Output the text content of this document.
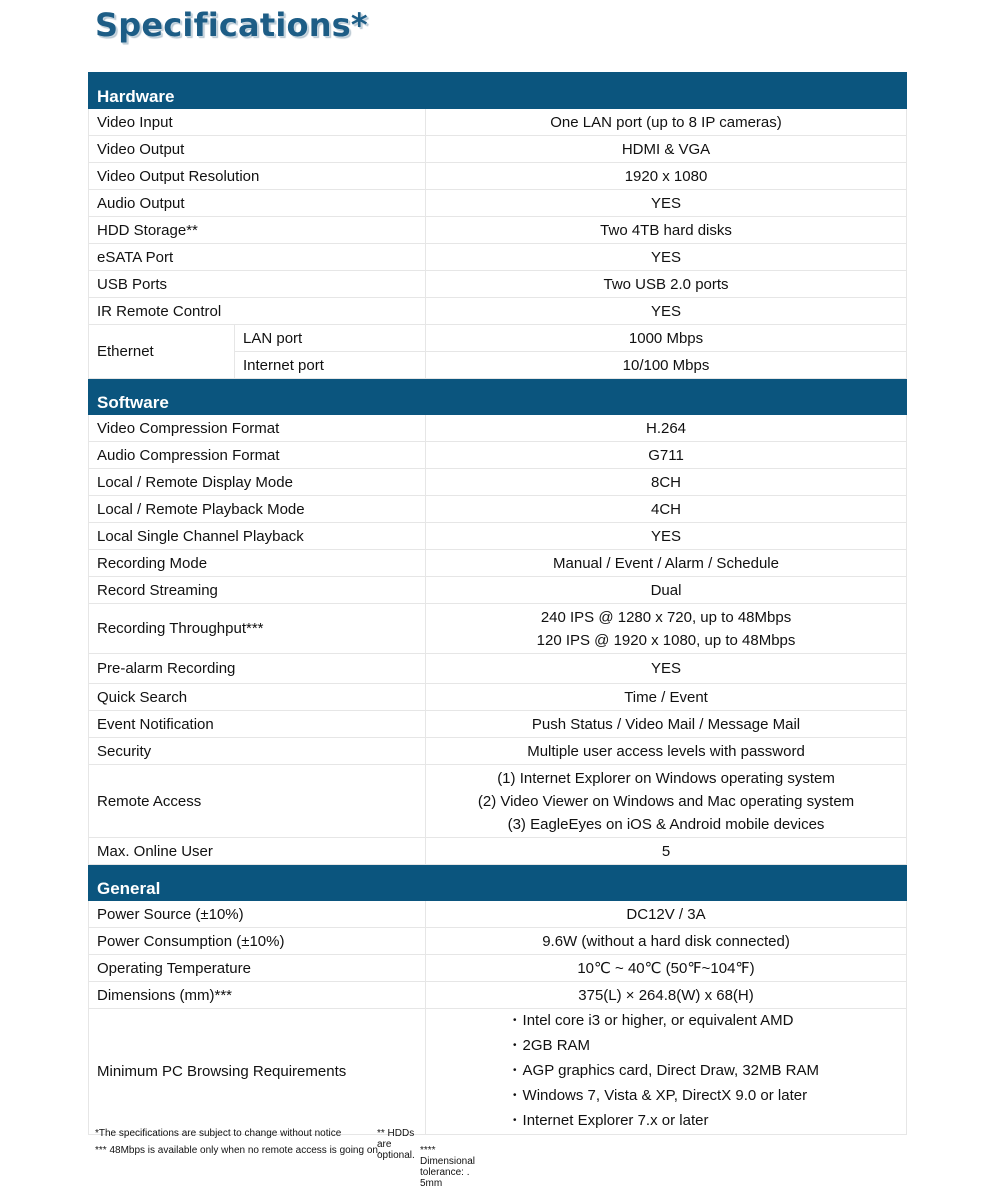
Specifications*
Hardware		
Video Input		One LAN port (up to 8 IP cameras)
Video Output		HDMI & VGA
Video Output Resolution		1920 x 1080
Audio Output		YES
HDD Storage**		Two 4TB hard disks
eSATA Port		YES
USB Ports		Two USB 2.0 ports
IR Remote Control		YES
Ethernet	LAN port	1000 Mbps
	Internet port	10/100 Mbps
Software		
Video Compression Format		H.264
Audio Compression Format		G711
Local / Remote Display Mode		8CH
Local / Remote Playback Mode		4CH
Local Single Channel Playback		YES
Recording Mode		Manual / Event / Alarm / Schedule
Record Streaming		Dual
Recording Throughput***		240 IPS @ 1280 x 720, up to 48Mbps
120 IPS @ 1920 x 1080, up to 48Mbps

Pre-alarm Recording		YES
Quick Search		Time / Event
Event Notification		Push Status / Video Mail / Message Mail
Security		Multiple user access levels with password
Remote Access		(1) Internet Explorer on Windows operating system
(2) Video Viewer on Windows and Mac operating system
(3) EagleEyes on iOS & Android mobile devices

Max. Online User		5
General		
Power Source (±10%)		DC12V / 3A
Power Consumption (±10%)		9.6W (without a hard disk connected)
Operating Temperature		10℃ ~ 40℃ (50℉~104℉)
Dimensions (mm)***		375(L) × 264.8(W) x 68(H)
Minimum PC Browsing Requirements		• Intel core i3 or higher, or equivalent AMD
• 2GB RAM
• AGP graphics card, Direct Draw, 32MB RAM
• Windows 7, Vista & XP, DirectX 9.0 or later
• Internet Explorer 7.x or later
*The specifications are subject to change without notice	** HDDs are optional.
*** 48Mbps is available only when no remote access is going on.	**** Dimensional tolerance: . 5mm
